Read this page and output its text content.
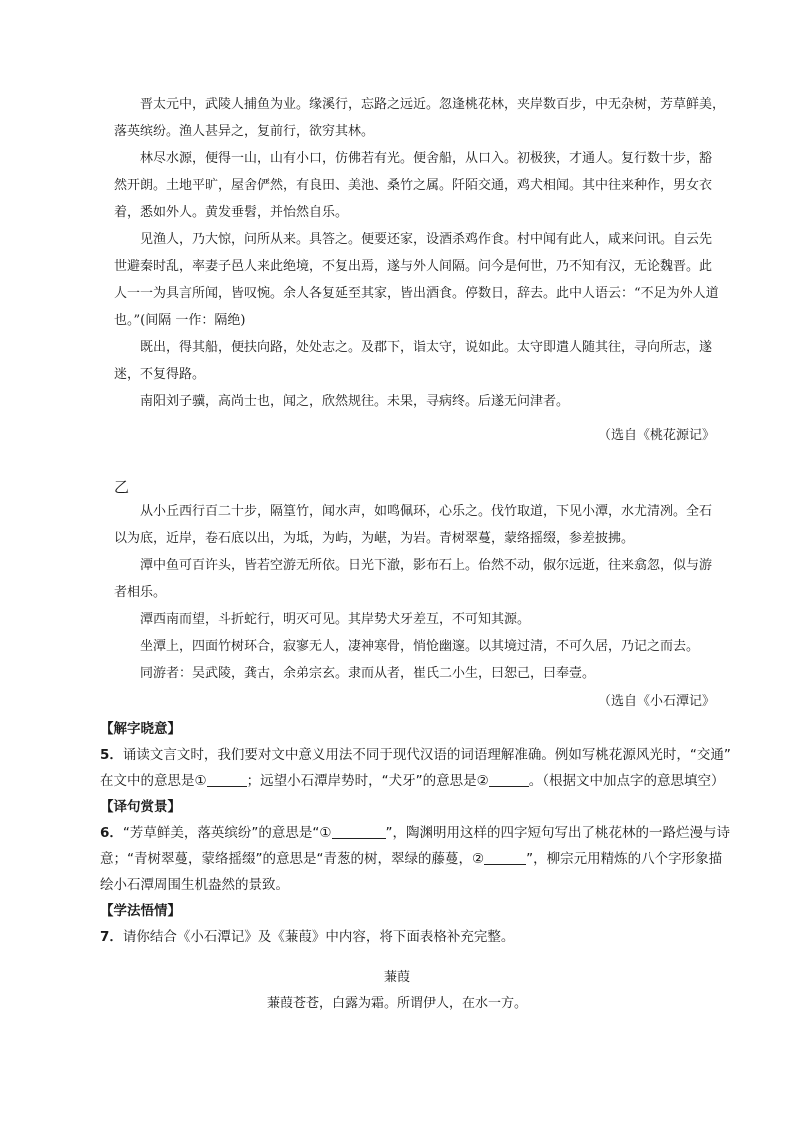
晋太元中，武陵人捕鱼为业。缘溪行，忘路之远近。忽逢桃花林，夹岸数百步，中无杂树，芳草鲜美，
落英缤纷。渔人甚异之，复前行，欲穷其林。
林尽水源，便得一山，山有小口，仿佛若有光。便舍船，从口入。初极狭，才通人。复行数十步，豁
然开朗。土地平旷，屋舍俨然，有良田、美池、桑竹之属。阡陌交通，鸡犬相闻。其中往来种作，男女衣
着，悉如外人。黄发垂髫，并怡然自乐。
见渔人，乃大惊，问所从来。具答之。便要还家，设酒杀鸡作食。村中闻有此人，咸来问讯。自云先
世避秦时乱，率妻子邑人来此绝境，不复出焉，遂与外人间隔。问今是何世，乃不知有汉，无论魏晋。此
人一一为具言所闻，皆叹惋。余人各复延至其家，皆出酒食。停数日，辞去。此中人语云：“不足为外人道
也。”(间隔 一作：隔绝)
既出，得其船，便扶向路，处处志之。及郡下，诣太守，说如此。太守即遣人随其往，寻向所志，遂
迷，不复得路。
南阳刘子骥，高尚士也，闻之，欣然规往。未果，寻病终。后遂无问津者。
（选自《桃花源记》
乙
从小丘西行百二十步，隔篁竹，闻水声，如鸣佩环，心乐之。伐竹取道，下见小潭，水尤清冽。全石
以为底，近岸，卷石底以出，为坻，为屿，为嵁，为岩。青树翠蔓，蒙络摇缀，参差披拂。
潭中鱼可百许头，皆若空游无所依。日光下澈，影布石上。佁然不动，俶尔远逝，往来翕忽，似与游
者相乐。
潭西南而望，斗折蛇行，明灭可见。其岸势犬牙差互，不可知其源。
坐潭上，四面竹树环合，寂寥无人，凄神寒骨，悄怆幽邃。以其境过清，不可久居，乃记之而去。
同游者：吴武陵，龚古，余弟宗玄。隶而从者，崔氏二小生，曰恕己，曰奉壹。
（选自《小石潭记》
【解字晓意】
5．诵读文言文时，我们要对文中意义用法不同于现代汉语的词语理解准确。例如写桃花源风光时，“交通”
在文中的意思是①	；远望小石潭岸势时，“犬牙”的意思是②	。（根据文中加点字的意思填空）
【译句赏景】
6．“芳草鲜美，落英缤纷”的意思是“①	”，陶渊明用这样的四字短句写出了桃花林的一路烂漫与诗
意；“青树翠蔓，蒙络摇缀”的意思是“青葱的树，翠绿的藤蔓，②	”，柳宗元用精炼的八个字形象描
绘小石潭周围生机盎然的景致。
【学法悟情】
7．请你结合《小石潭记》及《蒹葭》中内容，将下面表格补充完整。
蒹葭
蒹葭苍苍，白露为霜。所谓伊人，在水一方。
